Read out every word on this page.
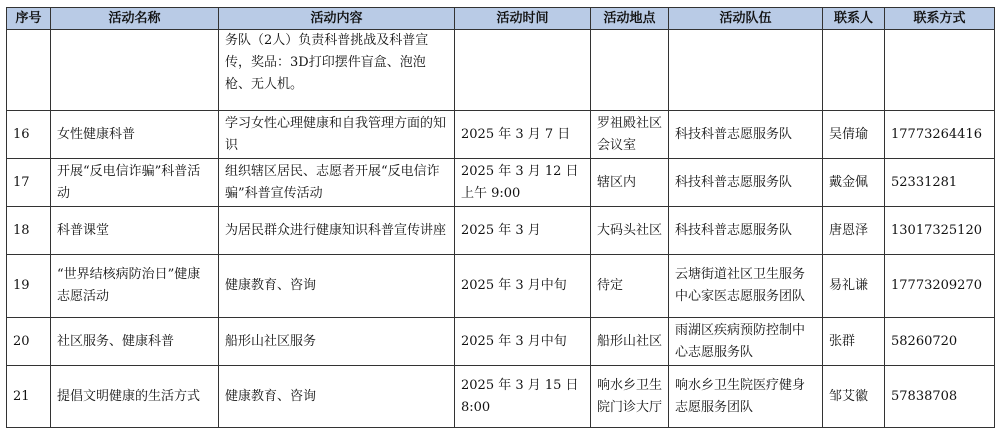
序号	活动名称	活动内容	活动时间	活动地点	活动队伍	联系人	联系方式
		务队（2人）负责科普挑战及科普宣传，奖品：3D打印摆件盲盒、泡泡枪、无人机。					
16	女性健康科普	学习女性心理健康和自我管理方面的知识	2025 年 3 月 7 日	罗祖殿社区会议室	科技科普志愿服务队	吴倩瑜	17773264416
17	开展“反电信诈骗”科普活动	组织辖区居民、志愿者开展“反电信诈骗”科普宣传活动	2025 年 3 月 12 日上午 9:00	辖区内	科技科普志愿服务队	戴金佩	52331281
18	科普课堂	为居民群众进行健康知识科普宣传讲座	2025 年 3 月	大码头社区	科技科普志愿服务队	唐恩泽	13017325120
19	“世界结核病防治日”健康志愿活动	健康教育、咨询	2025 年 3 月中旬	待定	云塘街道社区卫生服务中心家医志愿服务团队	易礼谦	17773209270
20	社区服务、健康科普	船形山社区服务	2025 年 3 月中旬	船形山社区	雨湖区疾病预防控制中心志愿服务队	张群	58260720
21	提倡文明健康的生活方式	健康教育、咨询	2025 年 3 月 15 日 8:00	响水乡卫生院门诊大厅	响水乡卫生院医疗健身志愿服务团队	邹艾徽	57838708
